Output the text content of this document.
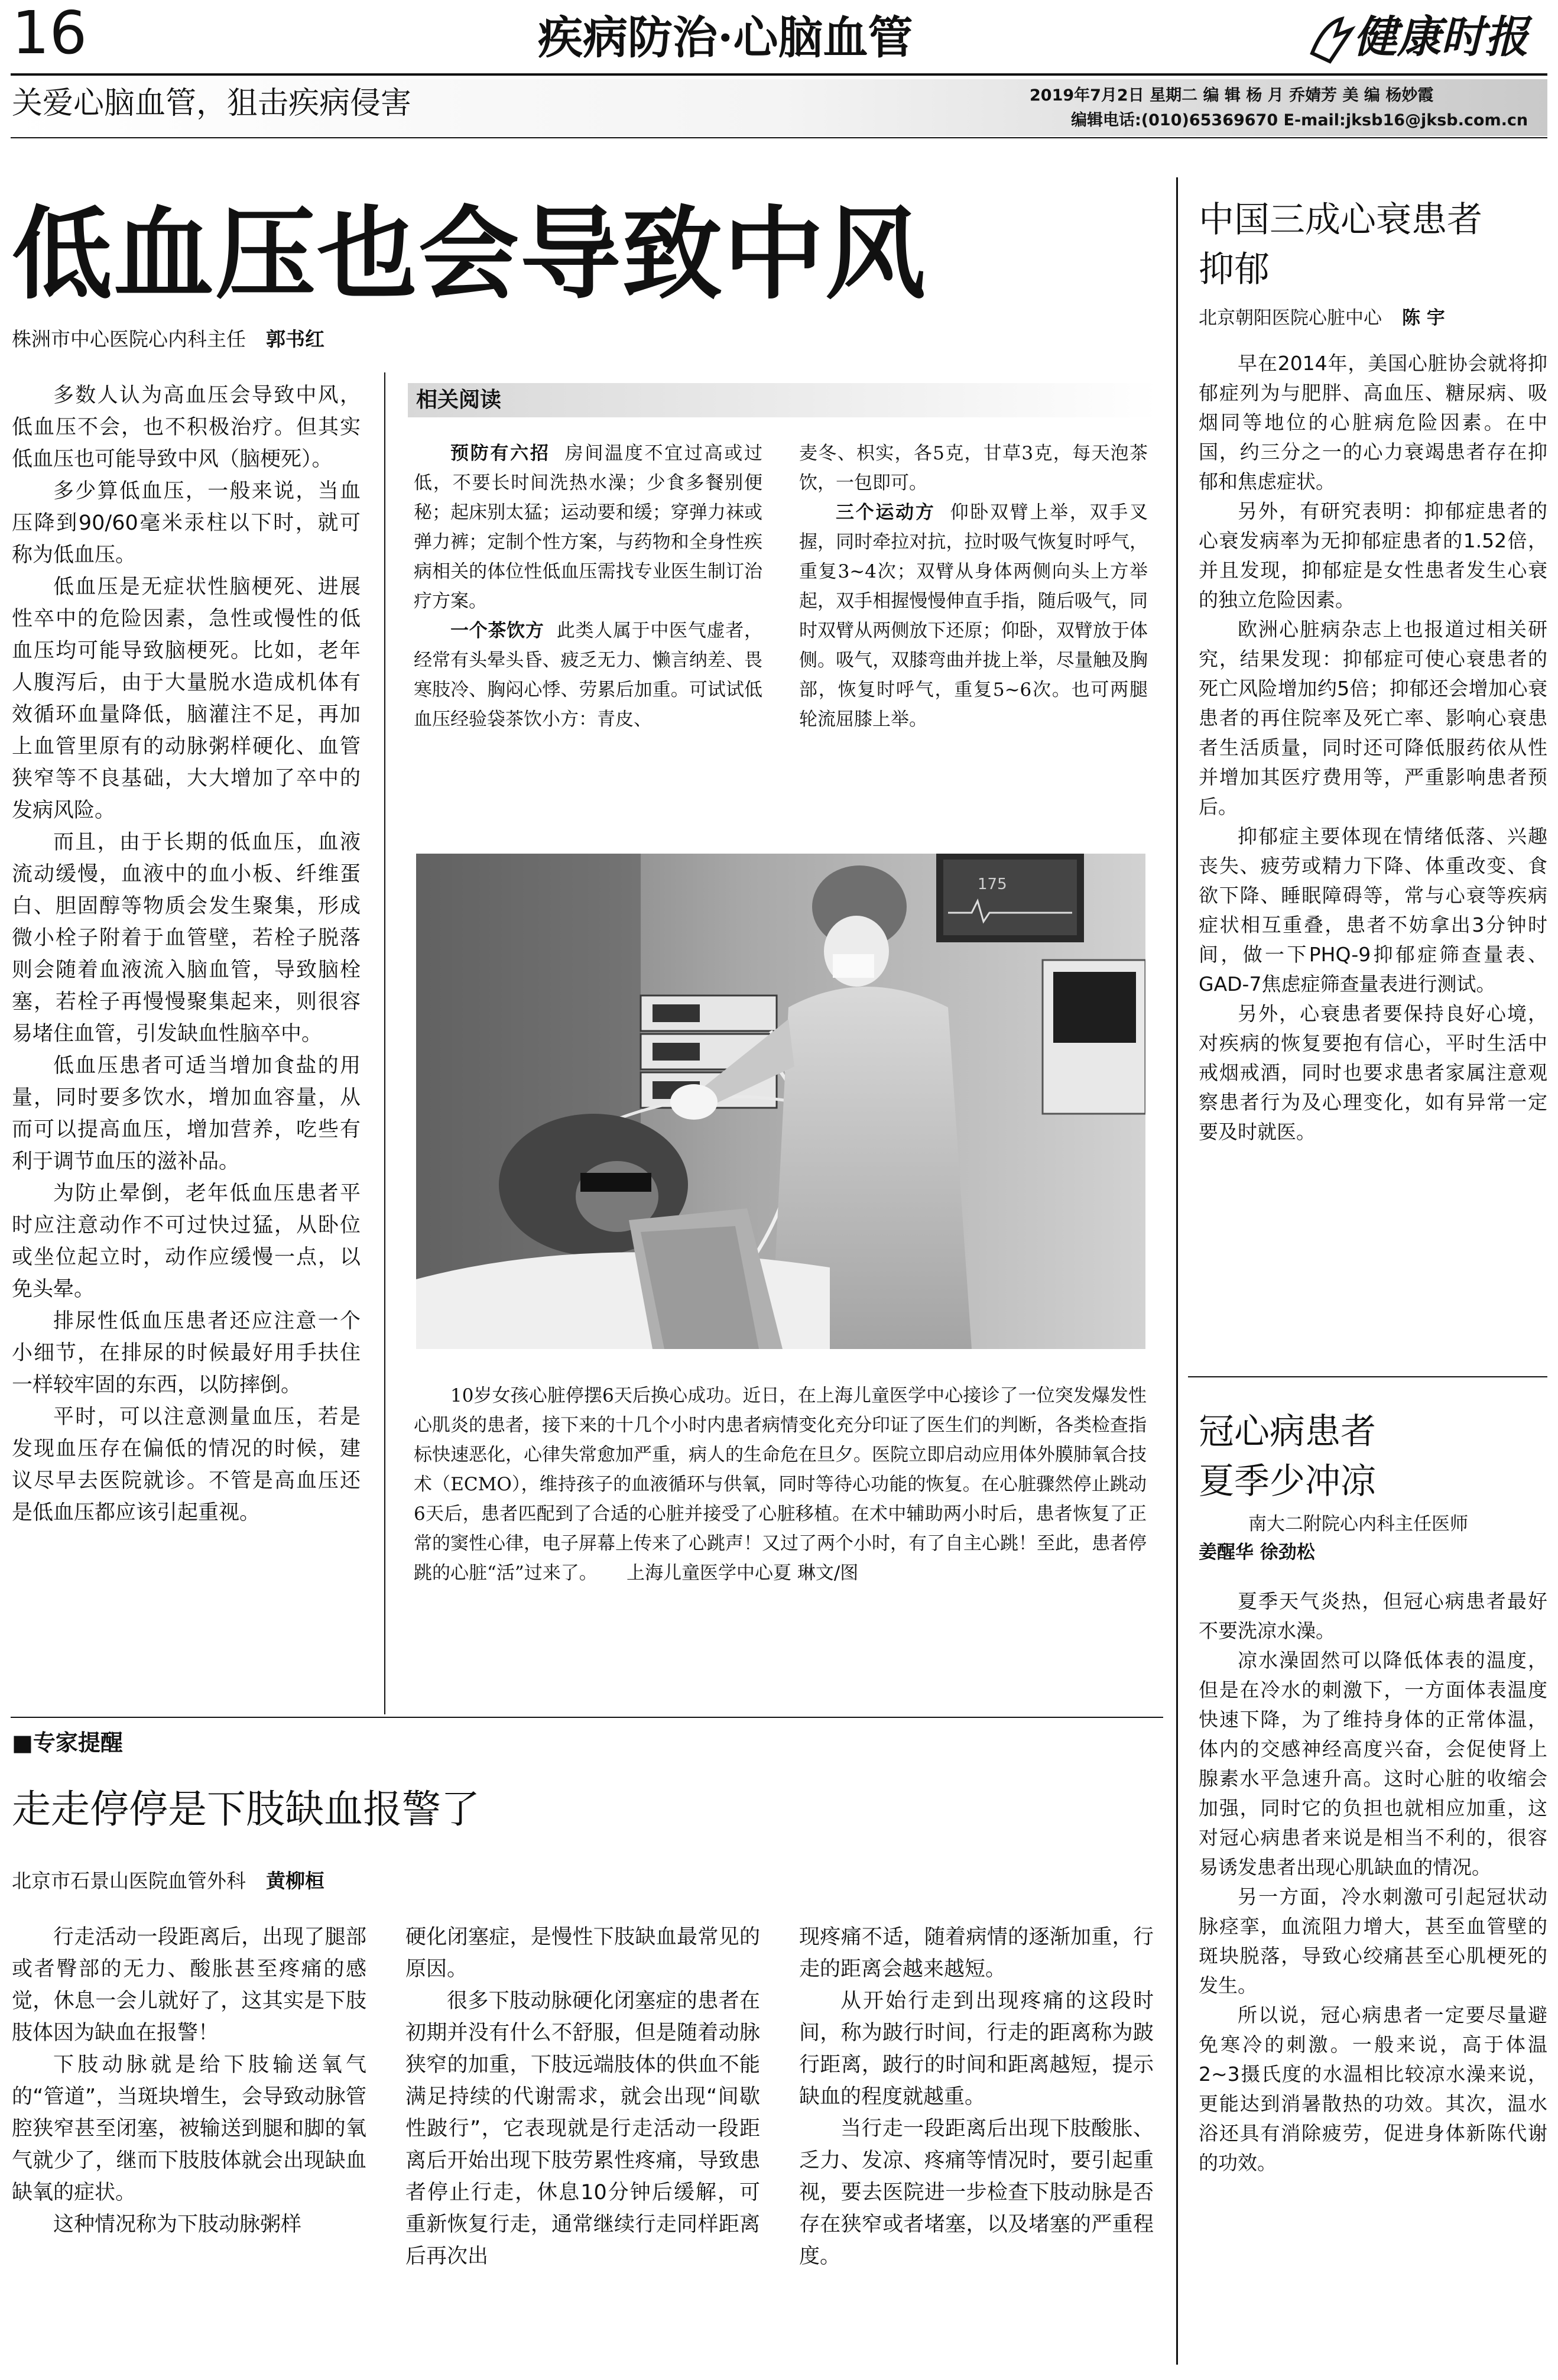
16	疾病防治·心脑血管	健康时报
关爱心脑血管，狙击疾病侵害	2019年7月2日 星期二 编 辑 杨 月 乔婧芳 美 编 杨妙霞
编辑电话:(010)65369670 E-mail:jksb16@jksb.com.cn
低血压也会导致中风
株洲市中心医院心内科主任 郭书红

多数人认为高血压会导致中风，低血压不会，也不积极治疗。但其实低血压也可能导致中风（脑梗死）。

多少算低血压，一般来说，当血压降到90/60毫米汞柱以下时，就可称为低血压。

低血压是无症状性脑梗死、进展性卒中的危险因素，急性或慢性的低血压均可能导致脑梗死。比如，老年人腹泻后，由于大量脱水造成机体有效循环血量降低，脑灌注不足，再加上血管里原有的动脉粥样硬化、血管狭窄等不良基础，大大增加了卒中的发病风险。

而且，由于长期的低血压，血液流动缓慢，血液中的血小板、纤维蛋白、胆固醇等物质会发生聚集，形成微小栓子附着于血管壁，若栓子脱落则会随着血液流入脑血管，导致脑栓塞，若栓子再慢慢聚集起来，则很容易堵住血管，引发缺血性脑卒中。

低血压患者可适当增加食盐的用量，同时要多饮水，增加血容量，从而可以提高血压，增加营养，吃些有利于调节血压的滋补品。

为防止晕倒，老年低血压患者平时应注意动作不可过快过猛，从卧位或坐位起立时，动作应缓慢一点，以免头晕。

排尿性低血压患者还应注意一个小细节，在排尿的时候最好用手扶住一样较牢固的东西，以防摔倒。

平时，可以注意测量血压，若是发现血压存在偏低的情况的时候，建议尽早去医院就诊。不管是高血压还是低血压都应该引起重视。

相关阅读

预防有六招 房间温度不宜过高或过低，不要长时间洗热水澡；少食多餐别便秘；起床别太猛；运动要和缓；穿弹力袜或弹力裤；定制个性方案，与药物和全身性疾病相关的体位性低血压需找专业医生制订治疗方案。

一个茶饮方 此类人属于中医气虚者，经常有头晕头昏、疲乏无力、懒言纳差、畏寒肢冷、胸闷心悸、劳累后加重。可试试低血压经验袋茶饮小方：青皮、

麦冬、枳实，各5克，甘草3克，每天泡茶饮，一包即可。

三个运动方 仰卧双臂上举，双手叉握，同时牵拉对抗，拉时吸气恢复时呼气，重复3~4次；双臂从身体两侧向头上方举起，双手相握慢慢伸直手指，随后吸气，同时双臂从两侧放下还原；仰卧，双臂放于体侧。吸气，双膝弯曲并拢上举，尽量触及胸部，恢复时呼气，重复5~6次。也可两腿轮流屈膝上举。

175

10岁女孩心脏停摆6天后换心成功。近日，在上海儿童医学中心接诊了一位突发爆发性心肌炎的患者，接下来的十几个小时内患者病情变化充分印证了医生们的判断，各类检查指标快速恶化，心律失常愈加严重，病人的生命危在旦夕。医院立即启动应用体外膜肺氧合技术（ECMO），维持孩子的血液循环与供氧，同时等待心功能的恢复。在心脏骤然停止跳动6天后，患者匹配到了合适的心脏并接受了心脏移植。在术中辅助两小时后，患者恢复了正常的窦性心律，电子屏幕上传来了心跳声！又过了两个小时，有了自主心跳！至此，患者停跳的心脏“活”过来了。 上海儿童医学中心夏 琳文/图

■专家提醒
走走停停是下肢缺血报警了
北京市石景山医院血管外科 黄柳桓

行走活动一段距离后，出现了腿部或者臀部的无力、酸胀甚至疼痛的感觉，休息一会儿就好了，这其实是下肢肢体因为缺血在报警！

下肢动脉就是给下肢输送氧气的“管道”，当斑块增生，会导致动脉管腔狭窄甚至闭塞，被输送到腿和脚的氧气就少了，继而下肢肢体就会出现缺血缺氧的症状。

这种情况称为下肢动脉粥样

硬化闭塞症，是慢性下肢缺血最常见的原因。

很多下肢动脉硬化闭塞症的患者在初期并没有什么不舒服，但是随着动脉狭窄的加重，下肢远端肢体的供血不能满足持续的代谢需求，就会出现“间歇性跛行”，它表现就是行走活动一段距离后开始出现下肢劳累性疼痛，导致患者停止行走，休息10分钟后缓解，可重新恢复行走，通常继续行走同样距离后再次出

现疼痛不适，随着病情的逐渐加重，行走的距离会越来越短。

从开始行走到出现疼痛的这段时间，称为跛行时间，行走的距离称为跛行距离，跛行的时间和距离越短，提示缺血的程度就越重。

当行走一段距离后出现下肢酸胀、乏力、发凉、疼痛等情况时，要引起重视，要去医院进一步检查下肢动脉是否存在狭窄或者堵塞，以及堵塞的严重程度。

中国三成心衰患者
抑郁
北京朝阳医院心脏中心 陈 宇

早在2014年，美国心脏协会就将抑郁症列为与肥胖、高血压、糖尿病、吸烟同等地位的心脏病危险因素。在中国，约三分之一的心力衰竭患者存在抑郁和焦虑症状。

另外，有研究表明：抑郁症患者的心衰发病率为无抑郁症患者的1.52倍，并且发现，抑郁症是女性患者发生心衰的独立危险因素。

欧洲心脏病杂志上也报道过相关研究，结果发现：抑郁症可使心衰患者的死亡风险增加约5倍；抑郁还会增加心衰患者的再住院率及死亡率、影响心衰患者生活质量，同时还可降低服药依从性并增加其医疗费用等，严重影响患者预后。

抑郁症主要体现在情绪低落、兴趣丧失、疲劳或精力下降、体重改变、食欲下降、睡眠障碍等，常与心衰等疾病症状相互重叠，患者不妨拿出3分钟时间，做一下PHQ-9抑郁症筛查量表、GAD-7焦虑症筛查量表进行测试。

另外，心衰患者要保持良好心境，对疾病的恢复要抱有信心，平时生活中戒烟戒酒，同时也要求患者家属注意观察患者行为及心理变化，如有异常一定要及时就医。

冠心病患者
夏季少冲凉
南大二附院心内科主任医师
姜醒华 徐劲松

夏季天气炎热，但冠心病患者最好不要洗凉水澡。

凉水澡固然可以降低体表的温度，但是在冷水的刺激下，一方面体表温度快速下降，为了维持身体的正常体温，体内的交感神经高度兴奋，会促使肾上腺素水平急速升高。这时心脏的收缩会加强，同时它的负担也就相应加重，这对冠心病患者来说是相当不利的，很容易诱发患者出现心肌缺血的情况。

另一方面，冷水刺激可引起冠状动脉痉挛，血流阻力增大，甚至血管壁的斑块脱落，导致心绞痛甚至心肌梗死的发生。

所以说，冠心病患者一定要尽量避免寒冷的刺激。一般来说，高于体温2~3摄氏度的水温相比较凉水澡来说，更能达到消暑散热的功效。其次，温水浴还具有消除疲劳，促进身体新陈代谢的功效。
